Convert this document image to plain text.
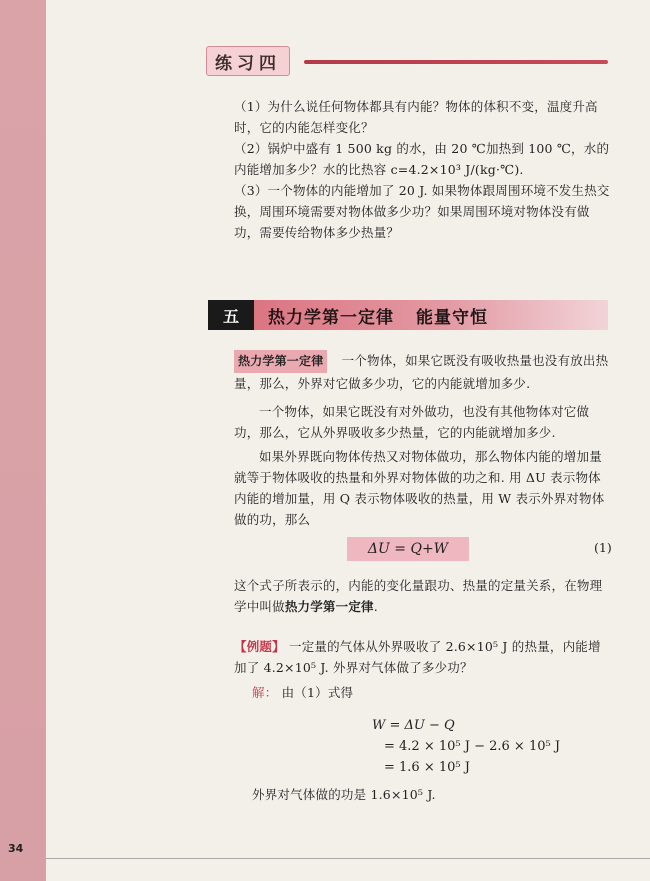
练习四
（1）为什么说任何物体都具有内能？物体的体积不变，温度升高时，它的内能怎样变化？
（2）锅炉中盛有 1 500 kg 的水，由 20 ℃加热到 100 ℃，水的内能增加多少？水的比热容 c=4.2×10³ J/(kg·℃).
（3）一个物体的内能增加了 20 J. 如果物体跟周围环境不发生热交换，周围环境需要对物体做多少功？如果周围环境对物体没有做功，需要传给物体多少热量？
五	热力学第一定律 能量守恒
热力学第一定律 一个物体，如果它既没有吸收热量也没有放出热量，那么，外界对它做多少功，它的内能就增加多少.
一个物体，如果它既没有对外做功，也没有其他物体对它做功，那么，它从外界吸收多少热量，它的内能就增加多少.
如果外界既向物体传热又对物体做功，那么物体内能的增加量就等于物体吸收的热量和外界对物体做的功之和. 用 ΔU 表示物体内能的增加量，用 Q 表示物体吸收的热量，用 W 表示外界对物体做的功，那么
ΔU = Q+W	(1)
这个式子所表示的，内能的变化量跟功、热量的定量关系，在物理学中叫做热力学第一定律.
【例题】 一定量的气体从外界吸收了 2.6×10⁵ J 的热量，内能增加了 4.2×10⁵ J. 外界对气体做了多少功？
解： 由（1）式得
W = ΔU − Q
= 4.2 × 10⁵ J − 2.6 × 10⁵ J
= 1.6 × 10⁵ J
外界对气体做的功是 1.6×10⁵ J.
34
